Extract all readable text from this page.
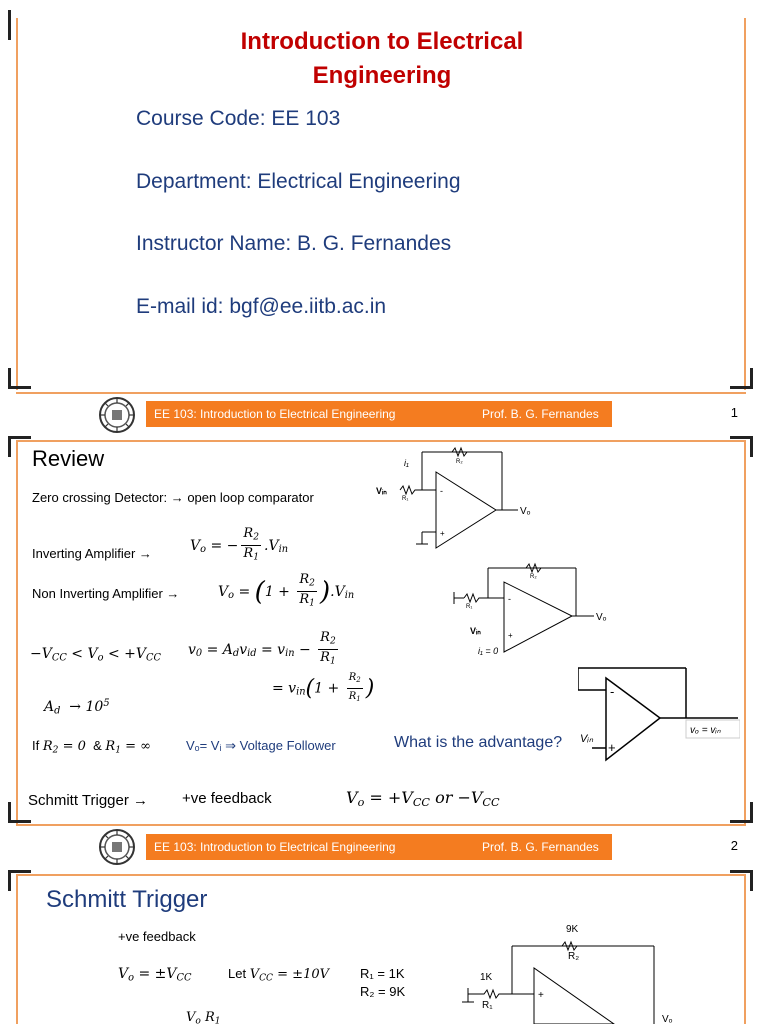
Introduction to Electrical
Engineering
Course Code: EE 103
Department: Electrical Engineering
Instructor Name: B. G. Fernandes
E-mail id: bgf@ee.iitb.ac.in
EE 103: Introduction to Electrical Engineering	Prof. B. G. Fernandes	1
Review
Zero crossing Detector: → open loop comparator
Inverting Amplifier →	$V_o$ = − $\frac{R_2}{R_1} .V_{in}$
Non Inverting Amplifier →	$V_o = (1 + \frac{R_2}{R_1} ).V_{in}$
$-V_{CC} < V_o < +V_{CC}$
$v_0 = A_dv_{id} = v_{in} - \frac{R_2}{R_1}$
= $v_{in}(1 + \frac{R_2}{R_1}$ )
$A_d \to 10^5$
If $R_2 = 0$  & $R_1$ = ∞	Vₒ= Vᵢ ⇒ Voltage Follower	What is the advantage?
Schmitt Trigger → +ve feedback	$V_o = +V_{CC}$ or $-V_{CC}$
i₁	R₂
R₁
Vᵢₙ
Vₒ
-
+
R₂
R₁
Vᵢₙ
i₁ = 0
Vₒ
-
+
-
+
Vᵢₙ
vₒ = vᵢₙ
EE 103: Introduction to Electrical Engineering	Prof. B. G. Fernandes	2
Schmitt Trigger
+ve feedback
$V_o = \pm V_{CC}$	Let $V_{CC} = \pm 10V$ R₁ = 1K
R₂ = 9K
$V_o$ $R_1$
9K
R₂
1K
R₁
+
Vₒ
